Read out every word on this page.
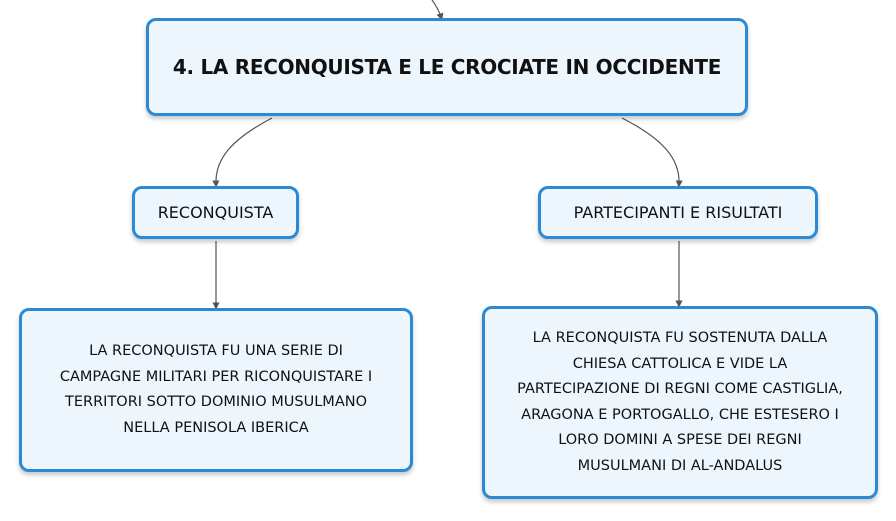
4. LA RECONQUISTA E LE CROCIATE IN OCCIDENTE
RECONQUISTA	PARTECIPANTI E RISULTATI
LA RECONQUISTA FU UNA SERIE DI
CAMPAGNE MILITARI PER RICONQUISTARE I
TERRITORI SOTTO DOMINIO MUSULMANO
NELLA PENISOLA IBERICA
LA RECONQUISTA FU SOSTENUTA DALLA
CHIESA CATTOLICA E VIDE LA
PARTECIPAZIONE DI REGNI COME CASTIGLIA,
ARAGONA E PORTOGALLO, CHE ESTESERO I
LORO DOMINI A SPESE DEI REGNI
MUSULMANI DI AL-ANDALUS
